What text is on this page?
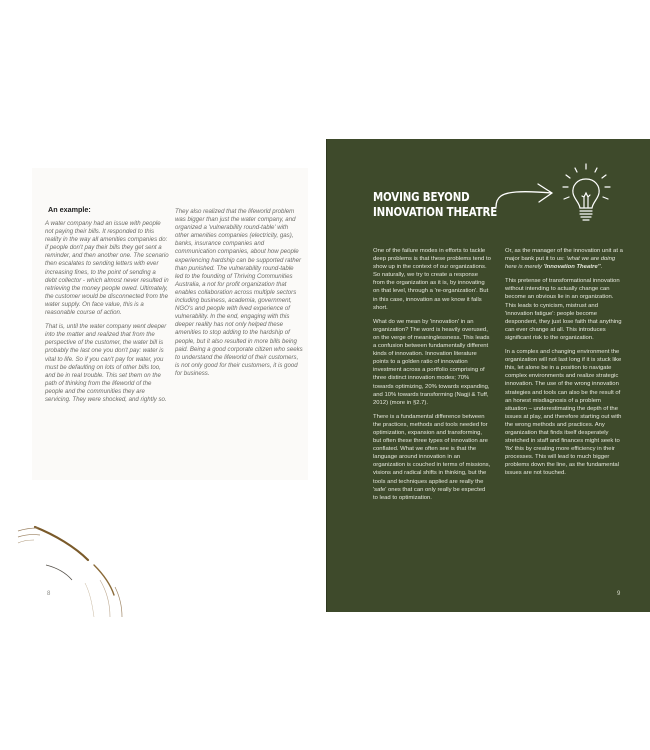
An example:

A water company had an issue with people not paying their bills. It responded to this reality in the way all amenities companies do: if people don't pay their bills they get sent a reminder, and then another one. The scenario then escalates to sending letters with ever increasing fines, to the point of sending a debt collector - which almost never resulted in retrieving the money people owed. Ultimately, the customer would be disconnected from the water supply. On face value, this is a reasonable course of action.

That is, until the water company went deeper into the matter and realized that from the perspective of the customer, the water bill is probably the last one you don't pay: water is vital to life. So if you can't pay for water, you must be defaulting on lots of other bills too, and be in real trouble. This set them on the path of thinking from the lifeworld of the people and the communities they are servicing. They were shocked, and rightly so.

They also realized that the lifeworld problem was bigger than just the water company, and organized a 'vulnerability round-table' with other amenities companies (electricity, gas), banks, insurance companies and communication companies, about how people experiencing hardship can be supported rather than punished. The vulnerability round-table led to the founding of Thriving Communities Australia, a not for profit organization that enables collaboration across multiple sectors including business, academia, government, NGO's and people with lived experience of vulnerability. In the end, engaging with this deeper reality has not only helped these amenities to stop adding to the hardship of people, but it also resulted in more bills being paid. Being a good corporate citizen who seeks to understand the lifeworld of their customers, is not only good for their customers, it is good for business.

8
MOVING BEYOND
INNOVATION THEATRE

One of the failure modes in efforts to tackle deep problems is that these problems tend to show up in the context of our organizations. So naturally, we try to create a response from the organization as it is, by innovating on that level, through a 're-organization'. But in this case, innovation as we know it falls short.

What do we mean by 'innovation' in an organization? The word is heavily overused, on the verge of meaninglessness. This leads a confusion between fundamentally different kinds of innovation. Innovation literature points to a golden ratio of innovation investment across a portfolio comprising of three distinct innovation modes; 70% towards optimizing, 20% towards expanding, and 10% towards transforming (Nagji & Tuff, 2012) (more in §2.7).

There is a fundamental difference between the practices, methods and tools needed for optimization, expansion and transforming, but often these three types of innovation are conflated. What we often see is that the language around innovation in an organization is couched in terms of missions, visions and radical shifts in thinking, but the tools and techniques applied are really the 'safe' ones that can only really be expected to lead to optimization.

Or, as the manager of the innovation unit at a major bank put it to us: 'what we are doing here is merely 'Innovation Theatre''.

This pretense of transformational innovation without intending to actually change can become an obvious lie in an organization. This leads to cynicism, mistrust and 'innovation fatigue': people become despondent, they just lose faith that anything can ever change at all. This introduces significant risk to the organization.

In a complex and changing environment the organization will not last long if it is stuck like this, let alone be in a position to navigate complex environments and realize strategic innovation. The use of the wrong innovation strategies and tools can also be the result of an honest misdiagnosis of a problem situation – underestimating the depth of the issues at play, and therefore starting out with the wrong methods and practices. Any organization that finds itself desperately stretched in staff and finances might seek to 'fix' this by creating more efficiency in their processes. This will lead to much bigger problems down the line, as the fundamental issues are not touched.

9
